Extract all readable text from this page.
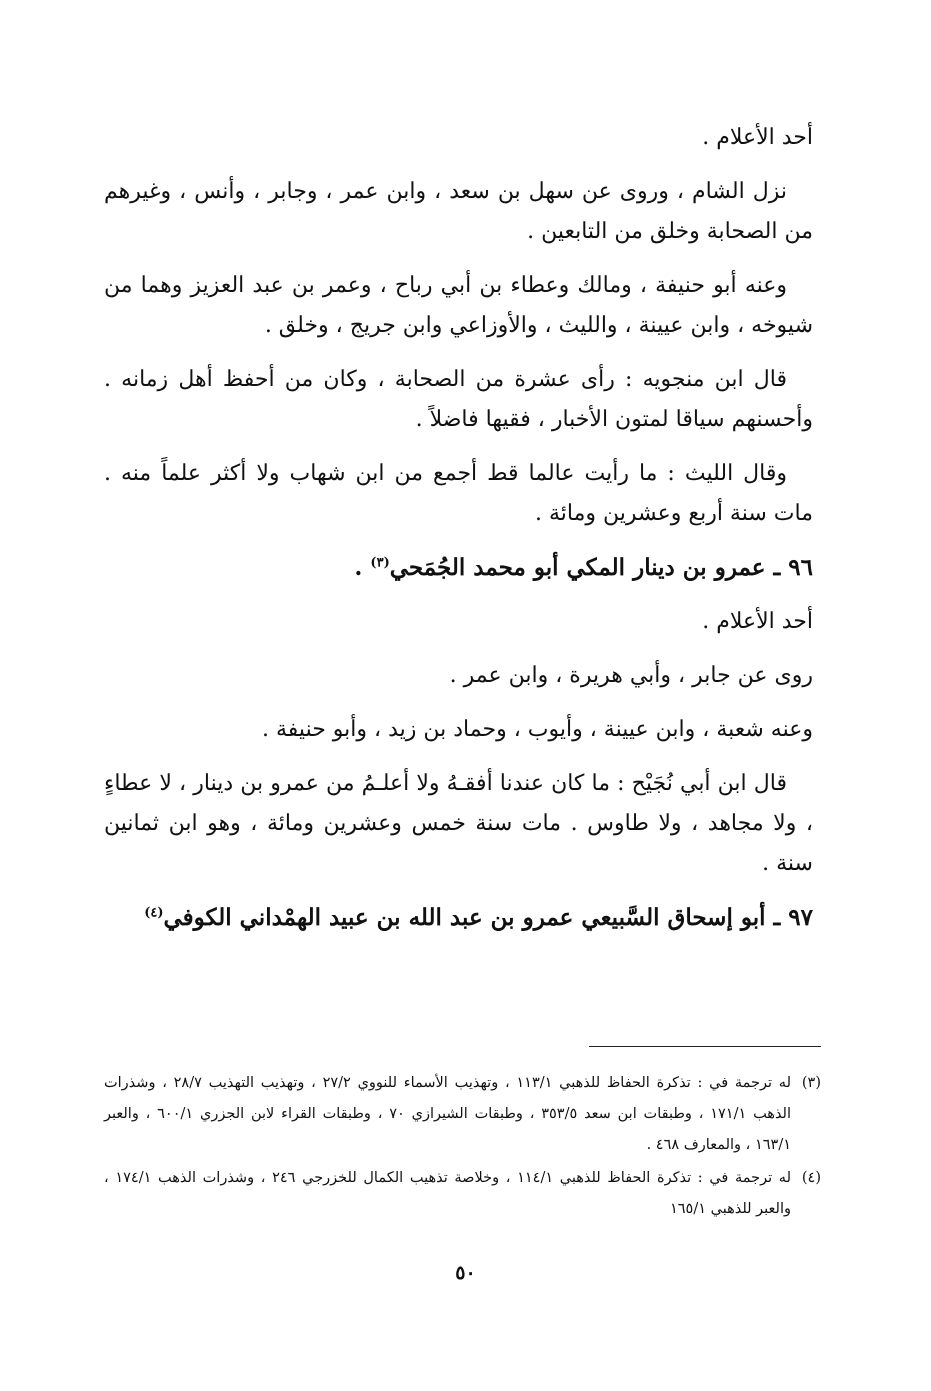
أحد الأعلام .

نزل الشام ، وروى عن سهل بن سعد ، وابن عمر ، وجابر ، وأنس ، وغيرهم من الصحابة وخلق من التابعين .

وعنه أبو حنيفة ، ومالك وعطاء بن أبي رباح ، وعمر بن عبد العزيز وهما من شيوخه ، وابن عيينة ، والليث ، والأوزاعي وابن جريج ، وخلق .

قال ابن منجويه : رأى عشرة من الصحابة ، وكان من أحفظ أهل زمانه . وأحسنهم سياقا لمتون الأخبار ، فقيها فاضلاً .

وقال الليث : ما رأيت عالما قط أجمع من ابن شهاب ولا أكثر علماً منه . مات سنة أربع وعشرين ومائة .

٩٦ ـ عمرو بن دينار المكي أبو محمد الجُمَحي$^{(٣)}$ .

أحد الأعلام .

روى عن جابر ، وأبي هريرة ، وابن عمر .

وعنه شعبة ، وابن عيينة ، وأيوب ، وحماد بن زيد ، وأبو حنيفة .

قال ابن أبي نُجَيْح : ما كان عندنا أفقـهُ ولا أعلـمُ من عمرو بن دينار ، لا عطاءٍ ، ولا مجاهد ، ولا طاوس . مات سنة خمس وعشرين ومائة ، وهو ابن ثمانين سنة .

٩٧ ـ أبو إسحاق السَّبيعي عمرو بن عبد الله بن عبيد الهمْداني الكوفي$^{(٤)}$

(٣)له ترجمة في : تذكرة الحفاظ للذهبي ١١٣/١ ، وتهذيب الأسماء للنووي ٢٧/٢ ، وتهذيب التهذيب ٢٨/٧ ، وشذرات الذهب ١٧١/١ ، وطبقات ابن سعد ٣٥٣/٥ ، وطبقات الشيرازي ٧٠ ، وطبقات القراء لابن الجزري ٦٠٠/١ ، والعبر ١٦٣/١ ، والمعارف ٤٦٨ .

(٤)له ترجمة في : تذكرة الحفاظ للذهبي ١١٤/١ ، وخلاصة تذهيب الكمال للخزرجي ٢٤٦ ، وشذرات الذهب ١٧٤/١ ، والعبر للذهبي ١٦٥/١

٥٠
